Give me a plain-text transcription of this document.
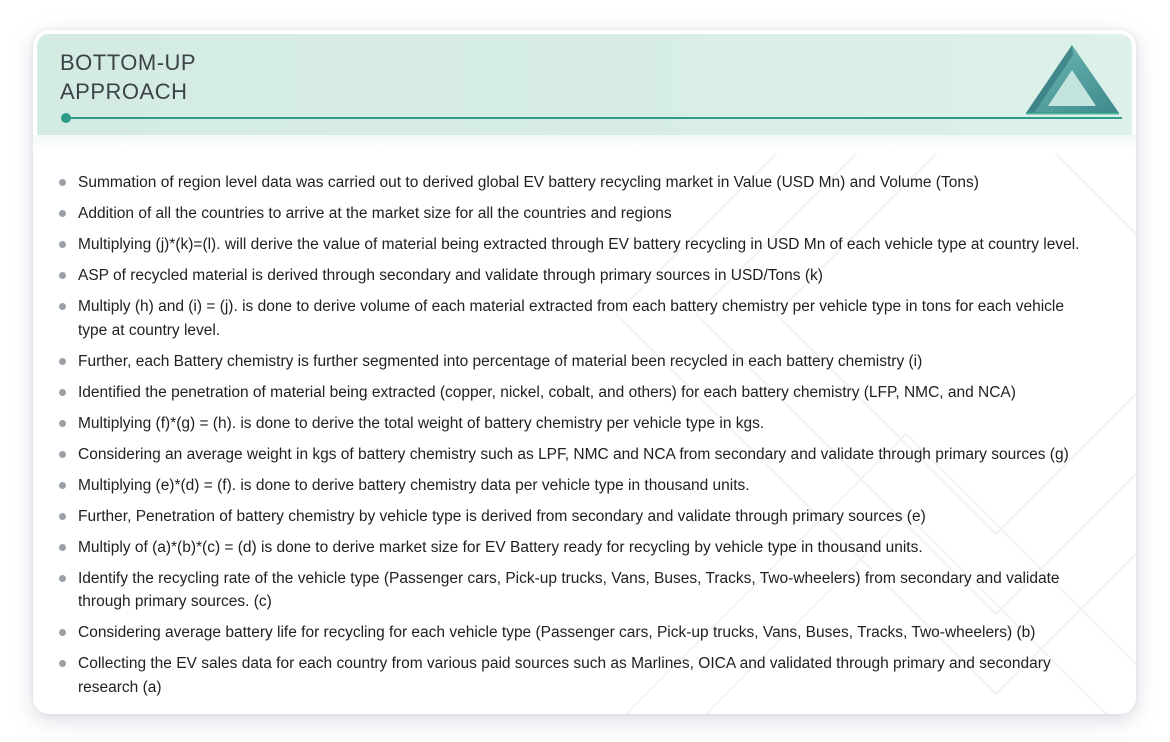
BOTTOM-UP
APPROACH
Summation of region level data was carried out to derived global EV battery recycling market in Value (USD Mn) and Volume (Tons)
Addition of all the countries to arrive at the market size for all the countries and regions
Multiplying (j)*(k)=(l). will derive the value of material being extracted through EV battery recycling in USD Mn of each vehicle type at country level.
ASP of recycled material is derived through secondary and validate through primary sources in USD/Tons (k)
Multiply (h) and (i) = (j). is done to derive volume of each material extracted from each battery chemistry per vehicle type in tons for each vehicle type at country level.
Further, each Battery chemistry is further segmented into percentage of material been recycled in each battery chemistry (i)
Identified the penetration of material being extracted (copper, nickel, cobalt, and others) for each battery chemistry (LFP, NMC, and NCA)
Multiplying (f)*(g) = (h). is done to derive the total weight of battery chemistry per vehicle type in kgs.
Considering an average weight in kgs of battery chemistry such as LPF, NMC and NCA from secondary and validate through primary sources (g)
Multiplying (e)*(d) = (f). is done to derive battery chemistry data per vehicle type in thousand units.
Further, Penetration of battery chemistry by vehicle type is derived from secondary and validate through primary sources (e)
Multiply of (a)*(b)*(c) = (d) is done to derive market size for EV Battery ready for recycling by vehicle type in thousand units.
Identify the recycling rate of the vehicle type (Passenger cars, Pick-up trucks, Vans, Buses, Tracks, Two-wheelers) from secondary and validate through primary sources. (c)
Considering average battery life for recycling for each vehicle type (Passenger cars, Pick-up trucks, Vans, Buses, Tracks, Two-wheelers) (b)
Collecting the EV sales data for each country from various paid sources such as Marlines, OICA and validated through primary and secondary research (a)
